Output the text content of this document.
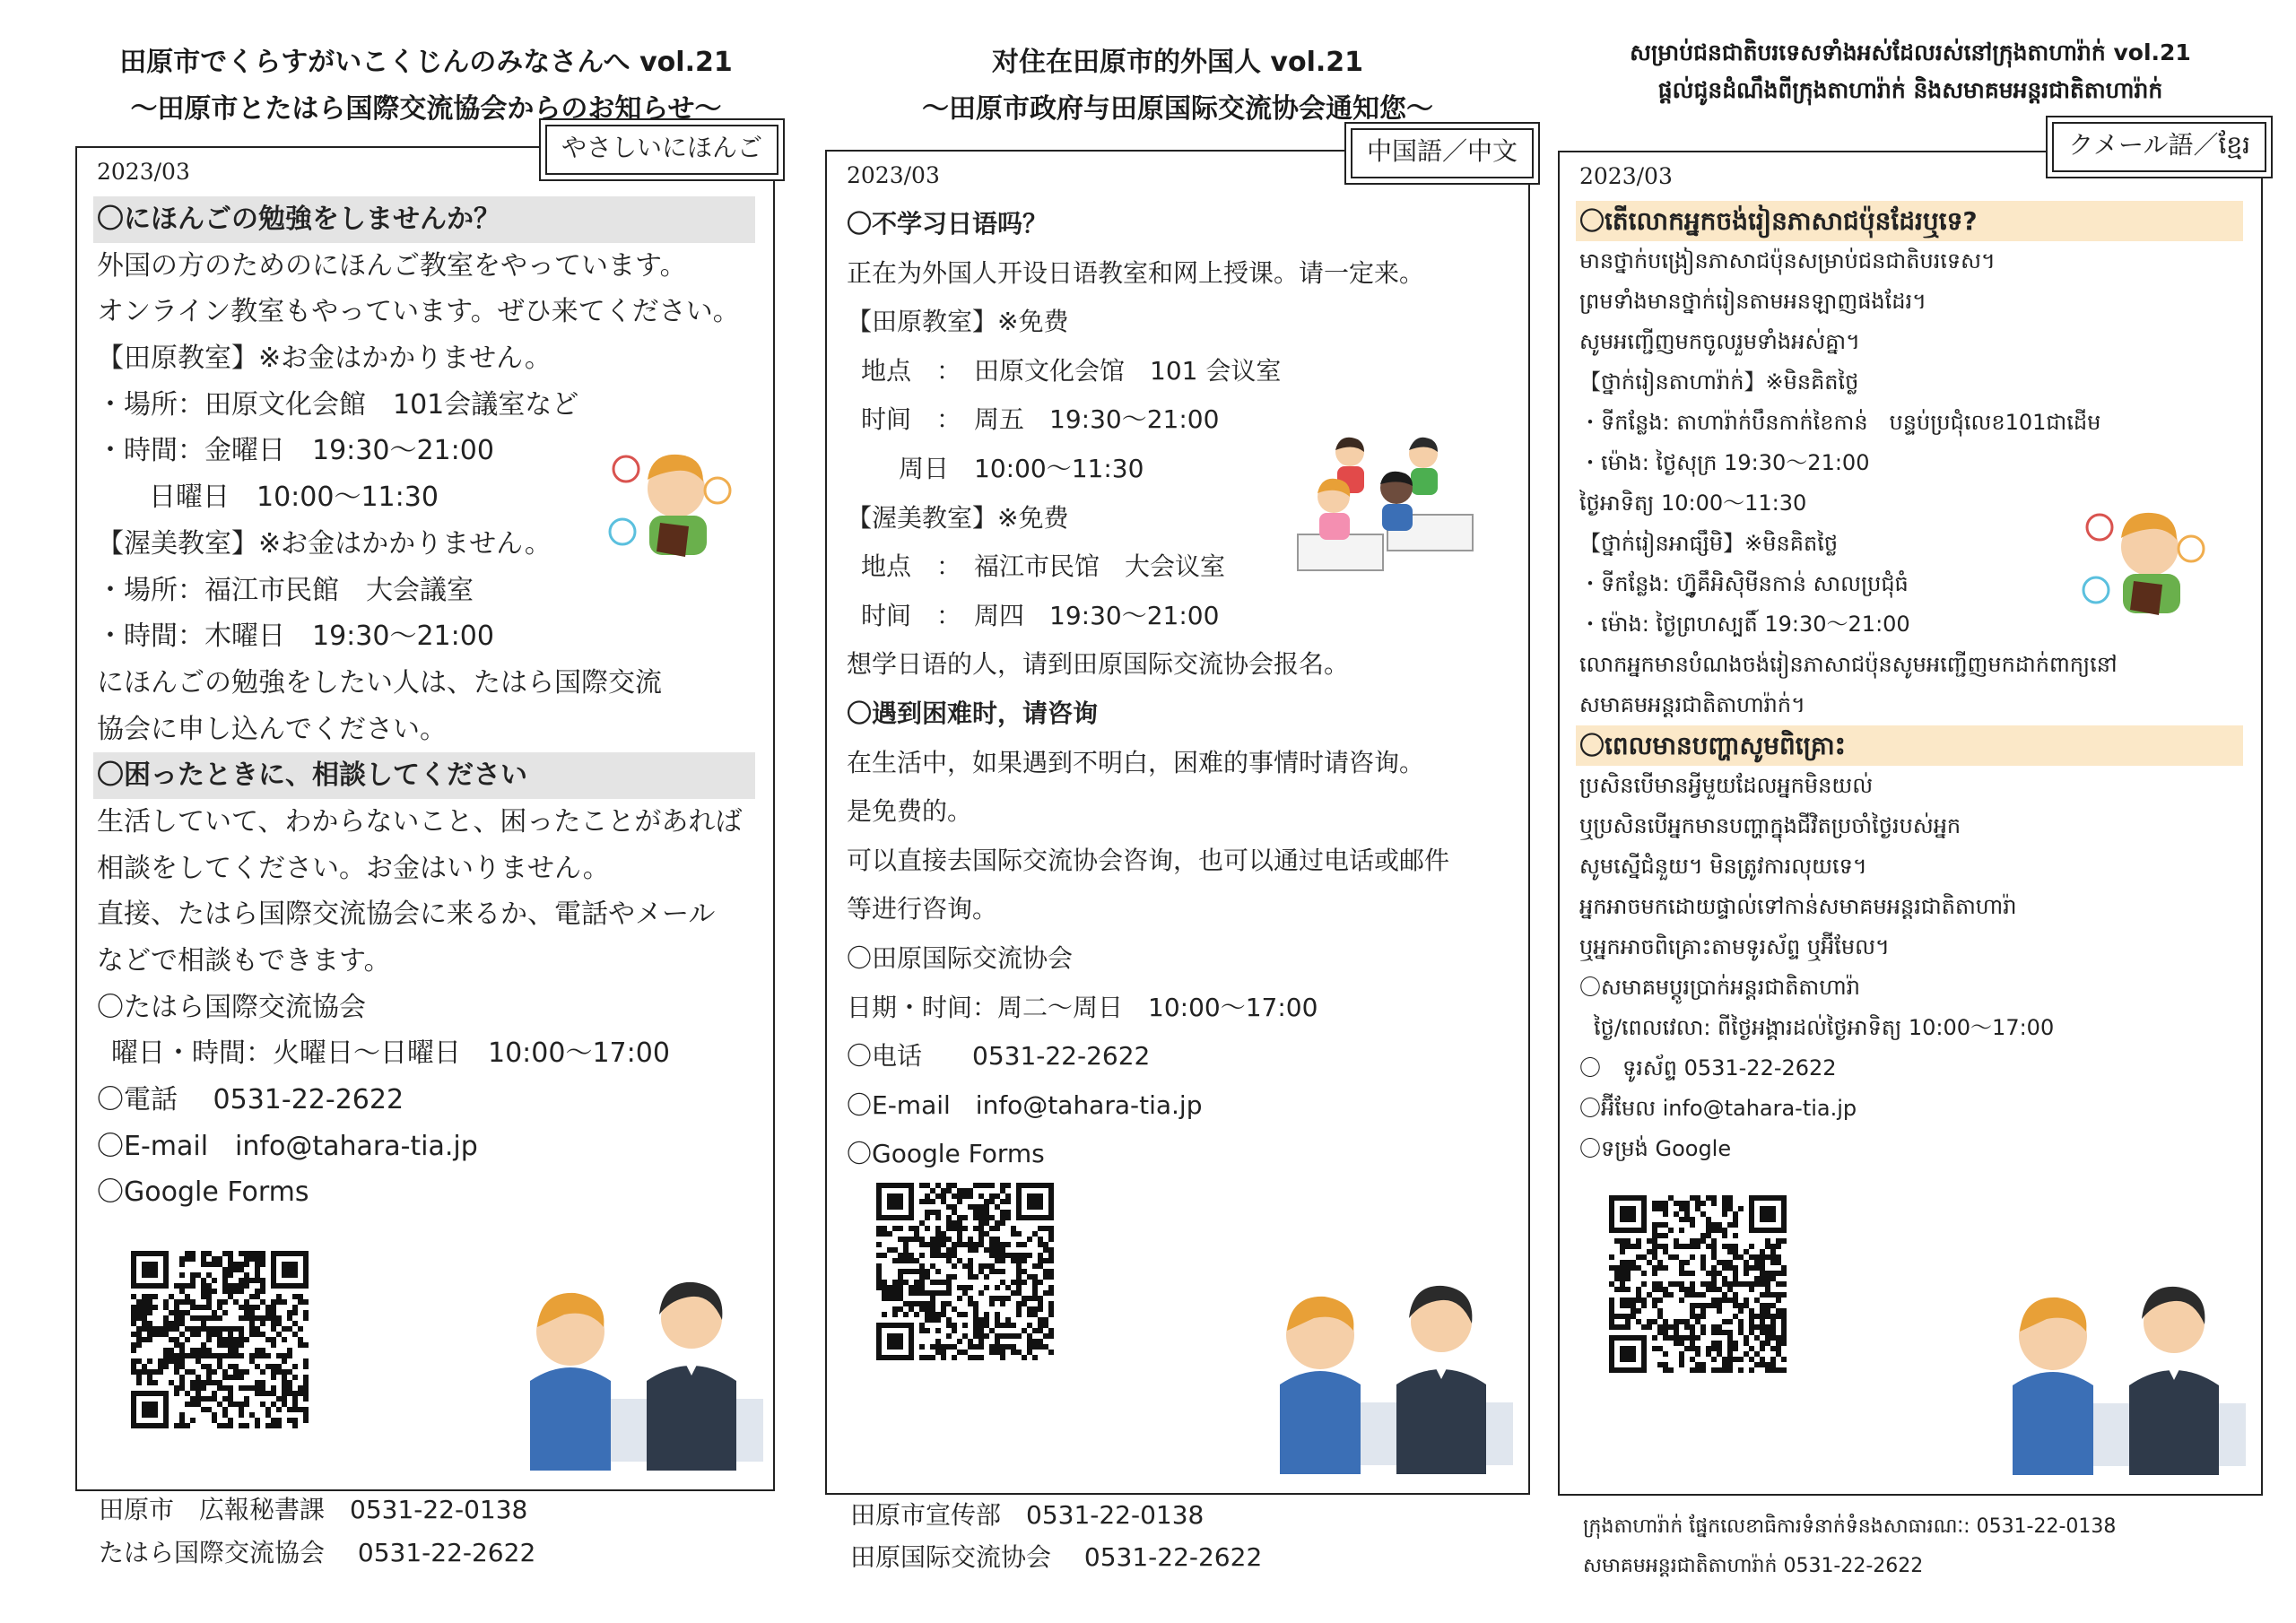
田原市でくらすがいこくじんのみなさんへ vol.21
〜田原市とたはら国際交流協会からのお知らせ〜
やさしいにほんご
2023/03
〇にほんごの勉強をしませんか？
外国の方のためのにほんご教室をやっています。
オンライン教室もやっています。ぜひ来てください。
【田原教室】※お金はかかりません。
・場所：田原文化会館　101会議室など
・時間：金曜日　19:30〜21:00
日曜日　10:00〜11:30
【渥美教室】※お金はかかりません。
・場所：福江市民館　大会議室
・時間：木曜日　19:30〜21:00
にほんごの勉強をしたい人は、たはら国際交流
協会に申し込んでください。
〇困ったときに、相談してください
生活していて、わからないこと、困ったことがあれば
相談をしてください。お金はいりません。
直接、たはら国際交流協会に来るか、電話やメール
などで相談もできます。
〇たはら国際交流協会
曜日・時間：火曜日〜日曜日　10:00〜17:00
〇電話　 0531-22-2622
〇E-mail　info@tahara-tia.jp
〇Google Forms
田原市　広報秘書課　0531-22-0138
たはら国際交流協会　 0531-22-2622
对住在田原市的外国人 vol.21
〜田原市政府与田原国际交流协会通知您〜
中国語／中文
2023/03
〇不学习日语吗？
正在为外国人开设日语教室和网上授课。请一定来。
【田原教室】※免费
地点　：　田原文化会馆　101 会议室
时间　：　周五　19:30〜21:00
周日　10:00〜11:30
【渥美教室】※免费
地点　：　福江市民馆　大会议室
时间　：　周四　19:30〜21:00
想学日语的人，请到田原国际交流协会报名。
〇遇到困难时，请咨询
在生活中，如果遇到不明白，困难的事情时请咨询。
是免费的。
可以直接去国际交流协会咨询，也可以通过电话或邮件
等进行咨询。
〇田原国际交流协会
日期・时间：周二〜周日　10:00〜17:00
〇电话　　0531-22-2622
〇E-mail　info@tahara-tia.jp
〇Google Forms
田原市宣传部　0531-22-0138
田原国际交流协会　 0531-22-2622
សម្រាប់ជនជាតិបរទេសទាំងអស់ដែលរស់នៅក្រុងតាហារ៉ាក់ vol.21
ផ្តល់ជូនដំណឹងពីក្រុងតាហារ៉ាក់ និងសមាគមអន្តរជាតិតាហារ៉ាក់
クメール語／ខ្មែរ
2023/03
〇តើលោកអ្នកចង់រៀនភាសាជប៉ុនដែរឬទេ?
មានថ្នាក់បង្រៀនភាសាជប៉ុនសម្រាប់ជនជាតិបរទេស។
ព្រមទាំងមានថ្នាក់រៀនតាមអនឡាញផងដែរ។
សូមអញ្ជើញមកចូលរួមទាំងអស់គ្នា។
【ថ្នាក់រៀនតាហារ៉ាក់】※មិនគិតថ្លៃ
・ទីកន្លែង: តាហារ៉ាក់បឹនកាក់ខៃកាន់　បន្ទប់ប្រជុំលេខ101ជាដើម
・ម៉ោង: ថ្ងៃសុក្រ 19:30〜21:00
ថ្ងៃអាទិត្យ 10:00〜11:30
【ថ្នាក់រៀនអាធ្សឹមិ】※មិនគិតថ្លៃ
・ទីកន្លែង: ហ្វ៊ូគឹអិស៊ិមីនកាន់ សាលប្រជុំធំ
・ម៉ោង: ថ្ងៃព្រហស្បតិ៍ 19:30〜21:00
លោកអ្នកមានបំណងចង់រៀនភាសាជប៉ុនសូមអញ្ជើញមកដាក់ពាក្យនៅ
សមាគមអន្តរជាតិតាហារ៉ាក់។
〇ពេលមានបញ្ហាសូមពិគ្រោះ
ប្រសិនបើមានអ្វីមួយដែលអ្នកមិនយល់
ឬប្រសិនបើអ្នកមានបញ្ហាក្នុងជីវិតប្រចាំថ្ងៃរបស់អ្នក
សូមស្នើជំនួយ។ មិនត្រូវការលុយទេ។
អ្នកអាចមកដោយផ្ទាល់ទៅកាន់សមាគមអន្តរជាតិតាហារ៉ា
ឬអ្នកអាចពិគ្រោះតាមទូរស័ព្ទ ឬអ៊ីមែល។
〇សមាគមប្តូរប្រាក់អន្តរជាតិតាហារ៉ា
ថ្ងៃ/ពេលវេលា: ពីថ្ងៃអង្គារដល់ថ្ងៃអាទិត្យ 10:00〜17:00
〇　ទូរស័ព្ទ 0531-22-2622
〇អ៊ីមែល info@tahara-tia.jp
〇ទម្រង់ Google
ក្រុងតាហារ៉ាក់ ផ្នែកលេខាធិការទំនាក់ទំនងសាធារណៈ: 0531-22-0138
សមាគមអន្តរជាតិតាហារ៉ាក់ 0531-22-2622
